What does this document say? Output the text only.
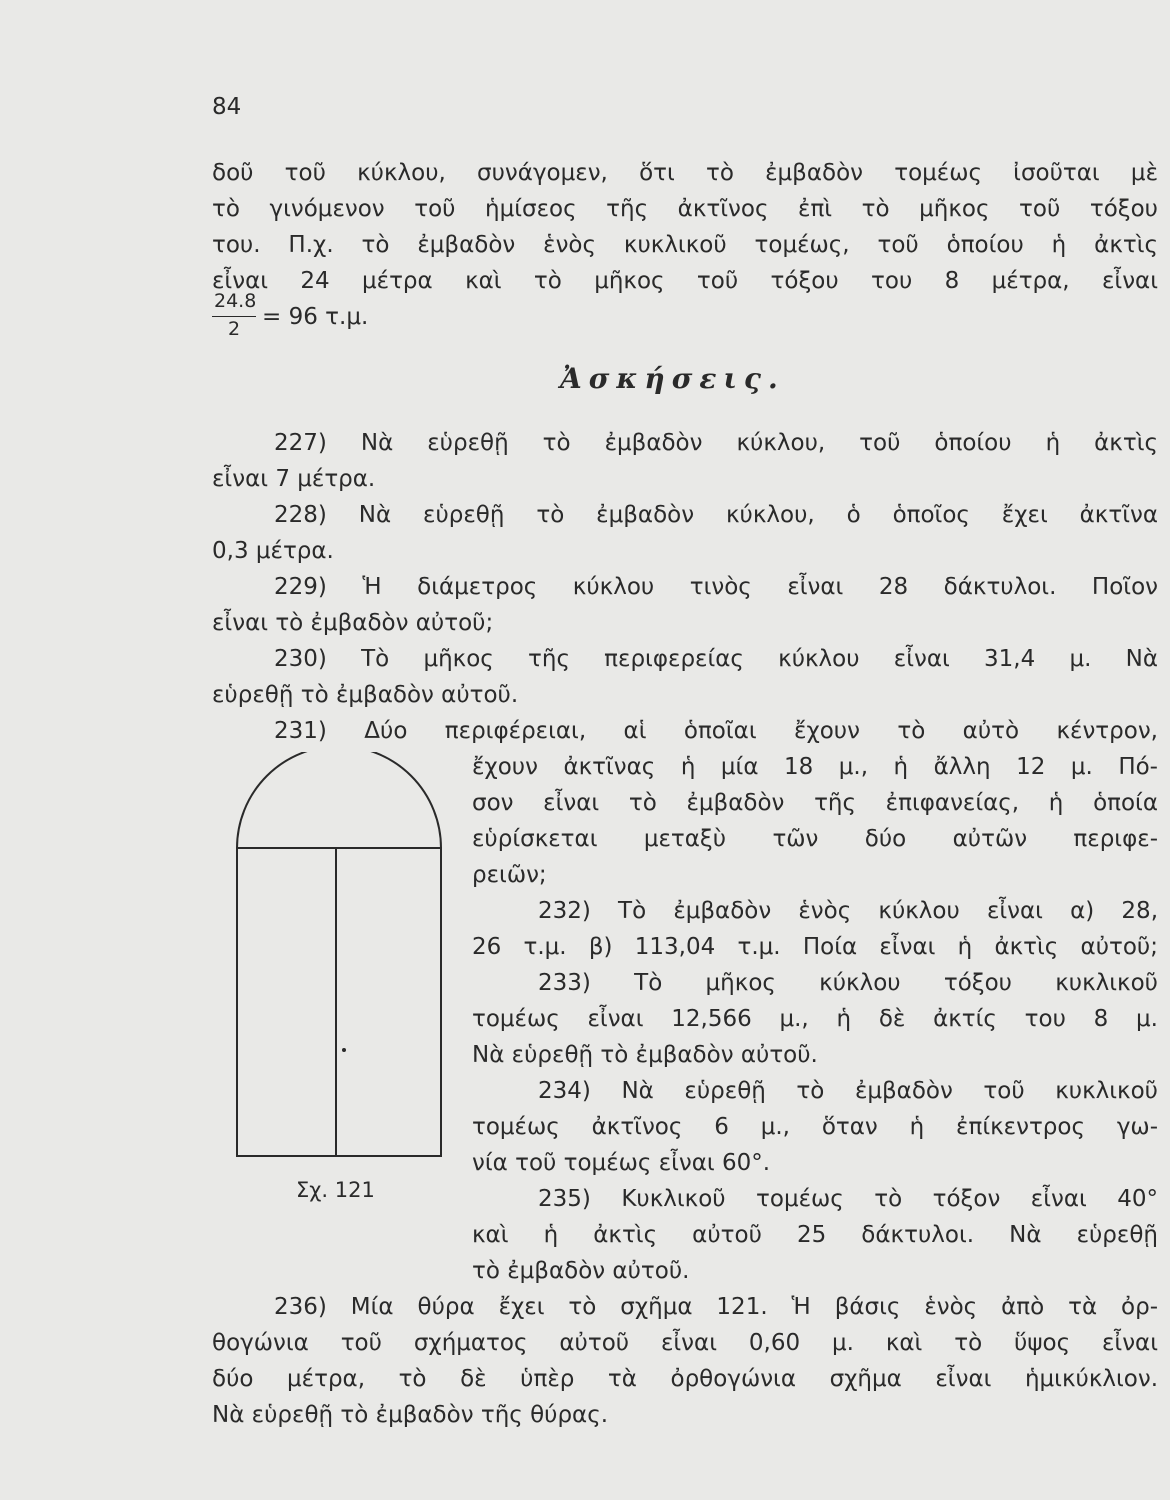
84
δοῦ τοῦ κύκλου, συνάγομεν, ὅτι τὸ ἐμβαδὸν τομέως ἰσοῦται μὲ
τὸ γινόμενον τοῦ ἡμίσεος τῆς ἀκτῖνος ἐπὶ τὸ μῆκος τοῦ τόξου
του. Π.χ. τὸ ἐμβαδὸν ἑνὸς κυκλικοῦ τομέως, τοῦ ὁποίου ἡ ἀκτὶς
εἶναι 24 μέτρα καὶ τὸ μῆκος τοῦ τόξου του 8 μέτρα, εἶναι
24.8
2 = 96 τ.μ.
Ἀσκήσεις.
227) Νὰ εὑρεθῇ τὸ ἐμβαδὸν κύκλου, τοῦ ὁποίου ἡ ἀκτὶς
εἶναι 7 μέτρα.
228) Νὰ εὑρεθῇ τὸ ἐμβαδὸν κύκλου, ὁ ὁποῖος ἔχει ἀκτῖνα
0,3 μέτρα.
229) Ἡ διάμετρος κύκλου τινὸς εἶναι 28 δάκτυλοι. Ποῖον
εἶναι τὸ ἐμβαδὸν αὐτοῦ;
230) Τὸ μῆκος τῆς περιφερείας κύκλου εἶναι 31,4 μ. Νὰ
εὑρεθῇ τὸ ἐμβαδὸν αὐτοῦ.
231) Δύο περιφέρειαι, αἱ ὁποῖαι ἔχουν τὸ αὐτὸ κέντρον,
ἔχουν ἀκτῖνας ἡ μία 18 μ., ἡ ἄλλη 12 μ. Πό-
σον εἶναι τὸ ἐμβαδὸν τῆς ἐπιφανείας, ἡ ὁποία
εὑρίσκεται μεταξὺ τῶν δύο αὐτῶν περιφε-
ρειῶν;
232) Τὸ ἐμβαδὸν ἑνὸς κύκλου εἶναι α) 28,
26 τ.μ. β) 113,04 τ.μ. Ποία εἶναι ἡ ἀκτὶς αὐτοῦ;
233) Τὸ μῆκος κύκλου τόξου κυκλικοῦ
τομέως εἶναι 12,566 μ., ἡ δὲ ἀκτίς του 8 μ.
Νὰ εὑρεθῇ τὸ ἐμβαδὸν αὐτοῦ.
234) Νὰ εὑρεθῇ τὸ ἐμβαδὸν τοῦ κυκλικοῦ
τομέως ἀκτῖνος 6 μ., ὅταν ἡ ἐπίκεντρος γω-
νία τοῦ τομέως εἶναι 60°.
235) Κυκλικοῦ τομέως τὸ τόξον εἶναι 40°
καὶ ἡ ἀκτὶς αὐτοῦ 25 δάκτυλοι. Νὰ εὑρεθῇ
τὸ ἐμβαδὸν αὐτοῦ.
236) Μία θύρα ἔχει τὸ σχῆμα 121. Ἡ βάσις ἑνὸς ἀπὸ τὰ ὀρ-
θογώνια τοῦ σχήματος αὐτοῦ εἶναι 0,60 μ. καὶ τὸ ὕψος εἶναι
δύο μέτρα, τὸ δὲ ὑπὲρ τὰ ὀρθογώνια σχῆμα εἶναι ἡμικύκλιον.
Νὰ εὑρεθῇ τὸ ἐμβαδὸν τῆς θύρας.
Σχ. 121
